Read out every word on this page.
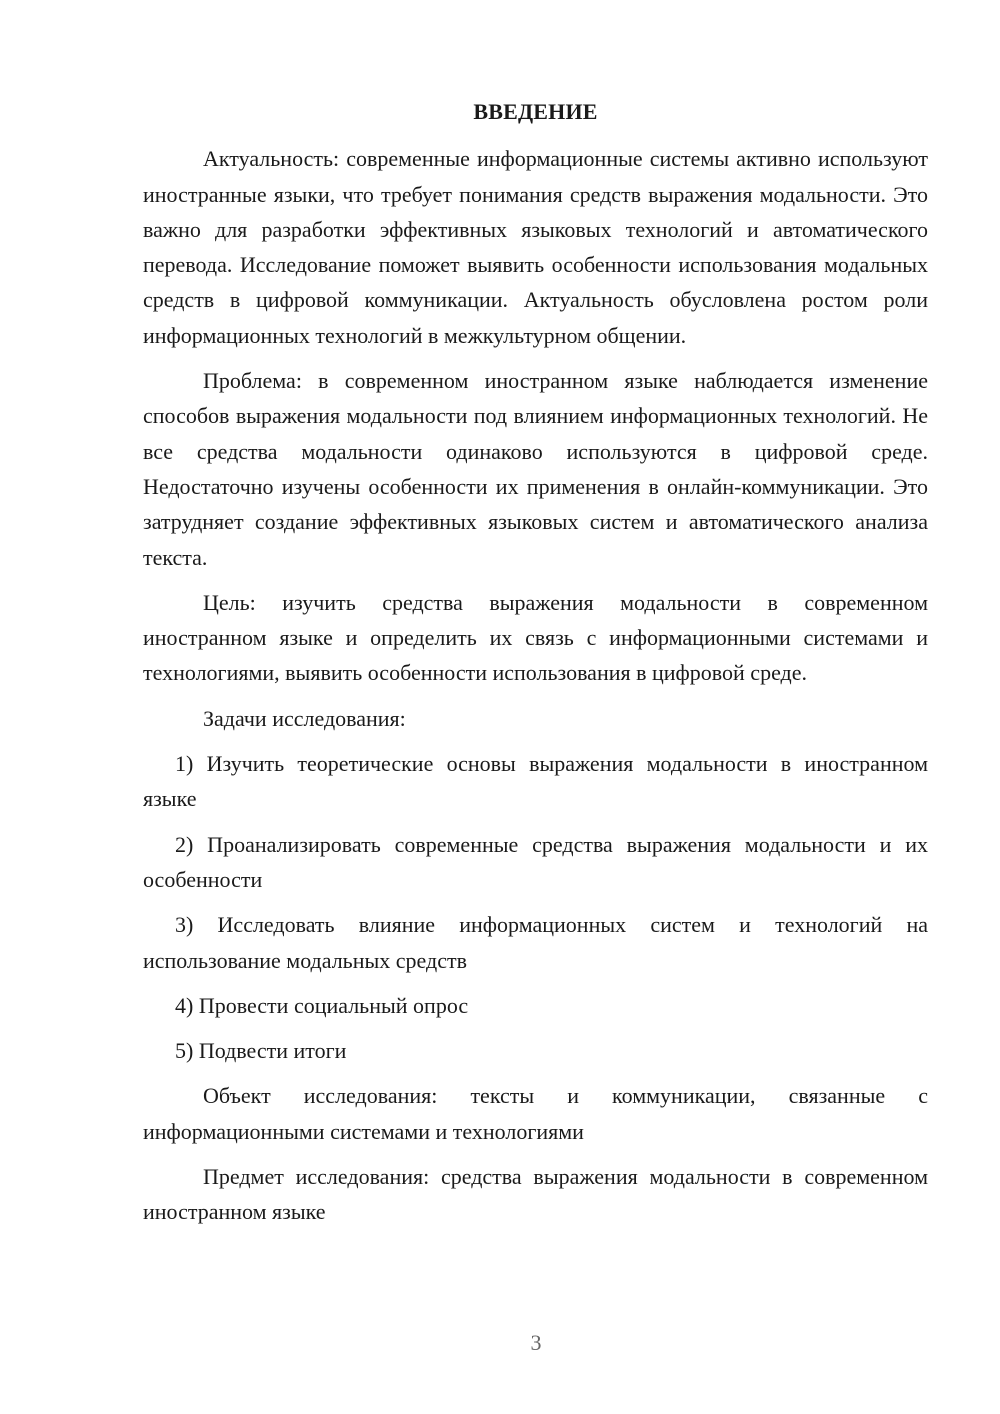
ВВЕДЕНИЕ

Актуальность: современные информационные системы активно используют иностранные языки, что требует понимания средств выражения модальности. Это важно для разработки эффективных языковых технологий и автоматического перевода. Исследование поможет выявить особенности использования модальных средств в цифровой коммуникации. Актуальность обусловлена ростом роли информационных технологий в межкультурном общении.

Проблема: в современном иностранном языке наблюдается изменение способов выражения модальности под влиянием информационных технологий. Не все средства модальности одинаково используются в цифровой среде. Недостаточно изучены особенности их применения в онлайн-коммуникации. Это затрудняет создание эффективных языковых систем и автоматического анализа текста.

Цель: изучить средства выражения модальности в современном иностранном языке и определить их связь с информационными системами и технологиями, выявить особенности использования в цифровой среде.

Задачи исследования:

1) Изучить теоретические основы выражения модальности в иностранном языке

2) Проанализировать современные средства выражения модальности и их особенности

3) Исследовать влияние информационных систем и технологий на использование модальных средств

4) Провести социальный опрос

5) Подвести итоги

Объект исследования: тексты и коммуникации, связанные с информационными системами и технологиями

Предмет исследования: средства выражения модальности в современном иностранном языке

3
